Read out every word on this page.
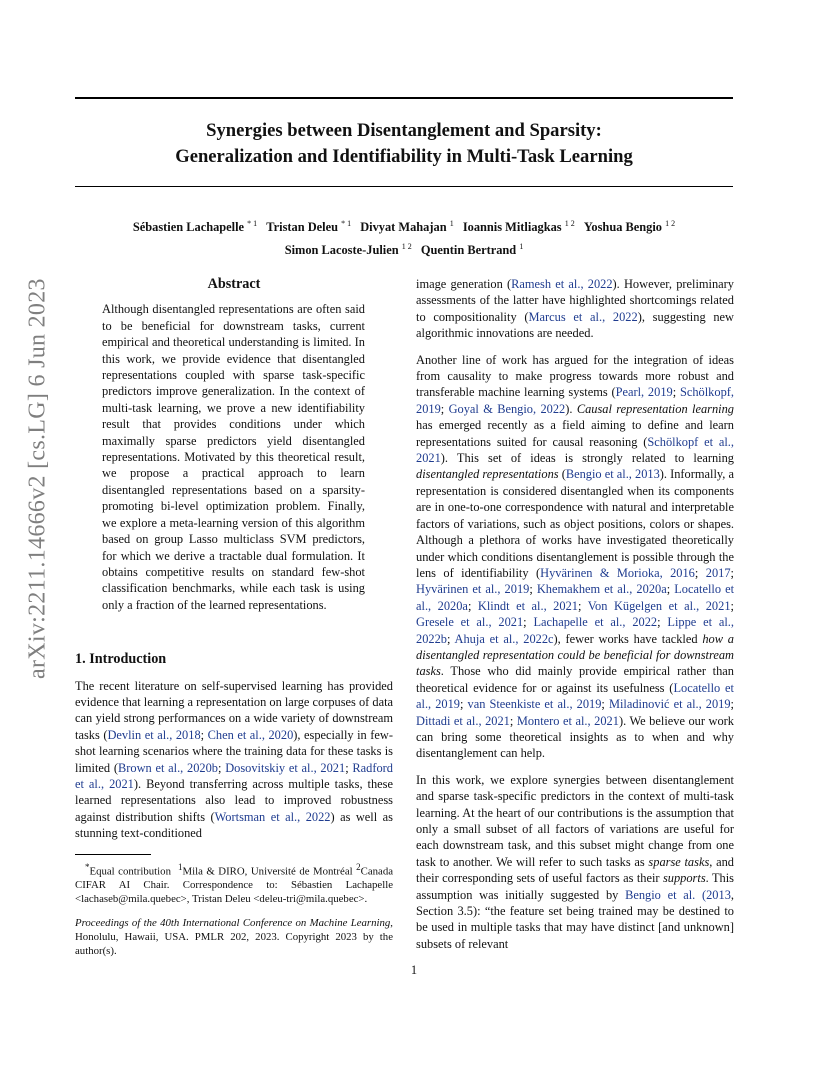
arXiv:2211.14666v2 [cs.LG] 6 Jun 2023
Synergies between Disentanglement and Sparsity:
Generalization and Identifiability in Multi-Task Learning
Sébastien Lachapelle $^{* 1}$ Tristan Deleu $^{* 1}$ Divyat Mahajan $^1$ Ioannis Mitliagkas $^{1 2}$ Yoshua Bengio $^{1 2}$
Simon Lacoste-Julien $^{1 2}$ Quentin Bertrand $^1$
Abstract

Although disentangled representations are often said to be beneficial for downstream tasks, current empirical and theoretical understanding is limited. In this work, we provide evidence that disentangled representations coupled with sparse task-specific predictors improve generalization. In the context of multi-task learning, we prove a new identifiability result that provides conditions under which maximally sparse predictors yield disentangled representations. Motivated by this theoretical result, we propose a practical approach to learn disentangled representations based on a sparsity-promoting bi-level optimization problem. Finally, we explore a meta-learning version of this algorithm based on group Lasso multiclass SVM predictors, for which we derive a tractable dual formulation. It obtains competitive results on standard few-shot classification benchmarks, while each task is using only a fraction of the learned representations.

1. Introduction

The recent literature on self-supervised learning has provided evidence that learning a representation on large corpuses of data can yield strong performances on a wide variety of downstream tasks (Devlin et al., 2018; Chen et al., 2020), especially in few-shot learning scenarios where the training data for these tasks is limited (Brown et al., 2020b; Dosovitskiy et al., 2021; Radford et al., 2021). Beyond transferring across multiple tasks, these learned representations also lead to improved robustness against distribution shifts (Wortsman et al., 2022) as well as stunning text-conditioned

*Equal contribution $^1$Mila & DIRO, Université de Montréal $^2$Canada CIFAR AI Chair. Correspondence to: Sébastien Lachapelle <lachaseb@mila.quebec>, Tristan Deleu <deleu-tri@mila.quebec>.

Proceedings of the 40th International Conference on Machine Learning, Honolulu, Hawaii, USA. PMLR 202, 2023. Copyright 2023 by the author(s).

image generation (Ramesh et al., 2022). However, preliminary assessments of the latter have highlighted shortcomings related to compositionality (Marcus et al., 2022), suggesting new algorithmic innovations are needed.

Another line of work has argued for the integration of ideas from causality to make progress towards more robust and transferable machine learning systems (Pearl, 2019; Schölkopf, 2019; Goyal & Bengio, 2022). Causal representation learning has emerged recently as a field aiming to define and learn representations suited for causal reasoning (Schölkopf et al., 2021). This set of ideas is strongly related to learning disentangled representations (Bengio et al., 2013). Informally, a representation is considered disentangled when its components are in one-to-one correspondence with natural and interpretable factors of variations, such as object positions, colors or shapes. Although a plethora of works have investigated theoretically under which conditions disentanglement is possible through the lens of identifiability (Hyvärinen & Morioka, 2016; 2017; Hyvärinen et al., 2019; Khemakhem et al., 2020a; Locatello et al., 2020a; Klindt et al., 2021; Von Kügelgen et al., 2021; Gresele et al., 2021; Lachapelle et al., 2022; Lippe et al., 2022b; Ahuja et al., 2022c), fewer works have tackled how a disentangled representation could be beneficial for downstream tasks. Those who did mainly provide empirical rather than theoretical evidence for or against its usefulness (Locatello et al., 2019; van Steenkiste et al., 2019; Miladinović et al., 2019; Dittadi et al., 2021; Montero et al., 2021). We believe our work can bring some theoretical insights as to when and why disentanglement can help.

In this work, we explore synergies between disentanglement and sparse task-specific predictors in the context of multi-task learning. At the heart of our contributions is the assumption that only a small subset of all factors of variations are useful for each downstream task, and this subset might change from one task to another. We will refer to such tasks as sparse tasks, and their corresponding sets of useful factors as their supports. This assumption was initially suggested by Bengio et al. (2013, Section 3.5): “the feature set being trained may be destined to be used in multiple tasks that may have distinct [and unknown] subsets of relevant

1
